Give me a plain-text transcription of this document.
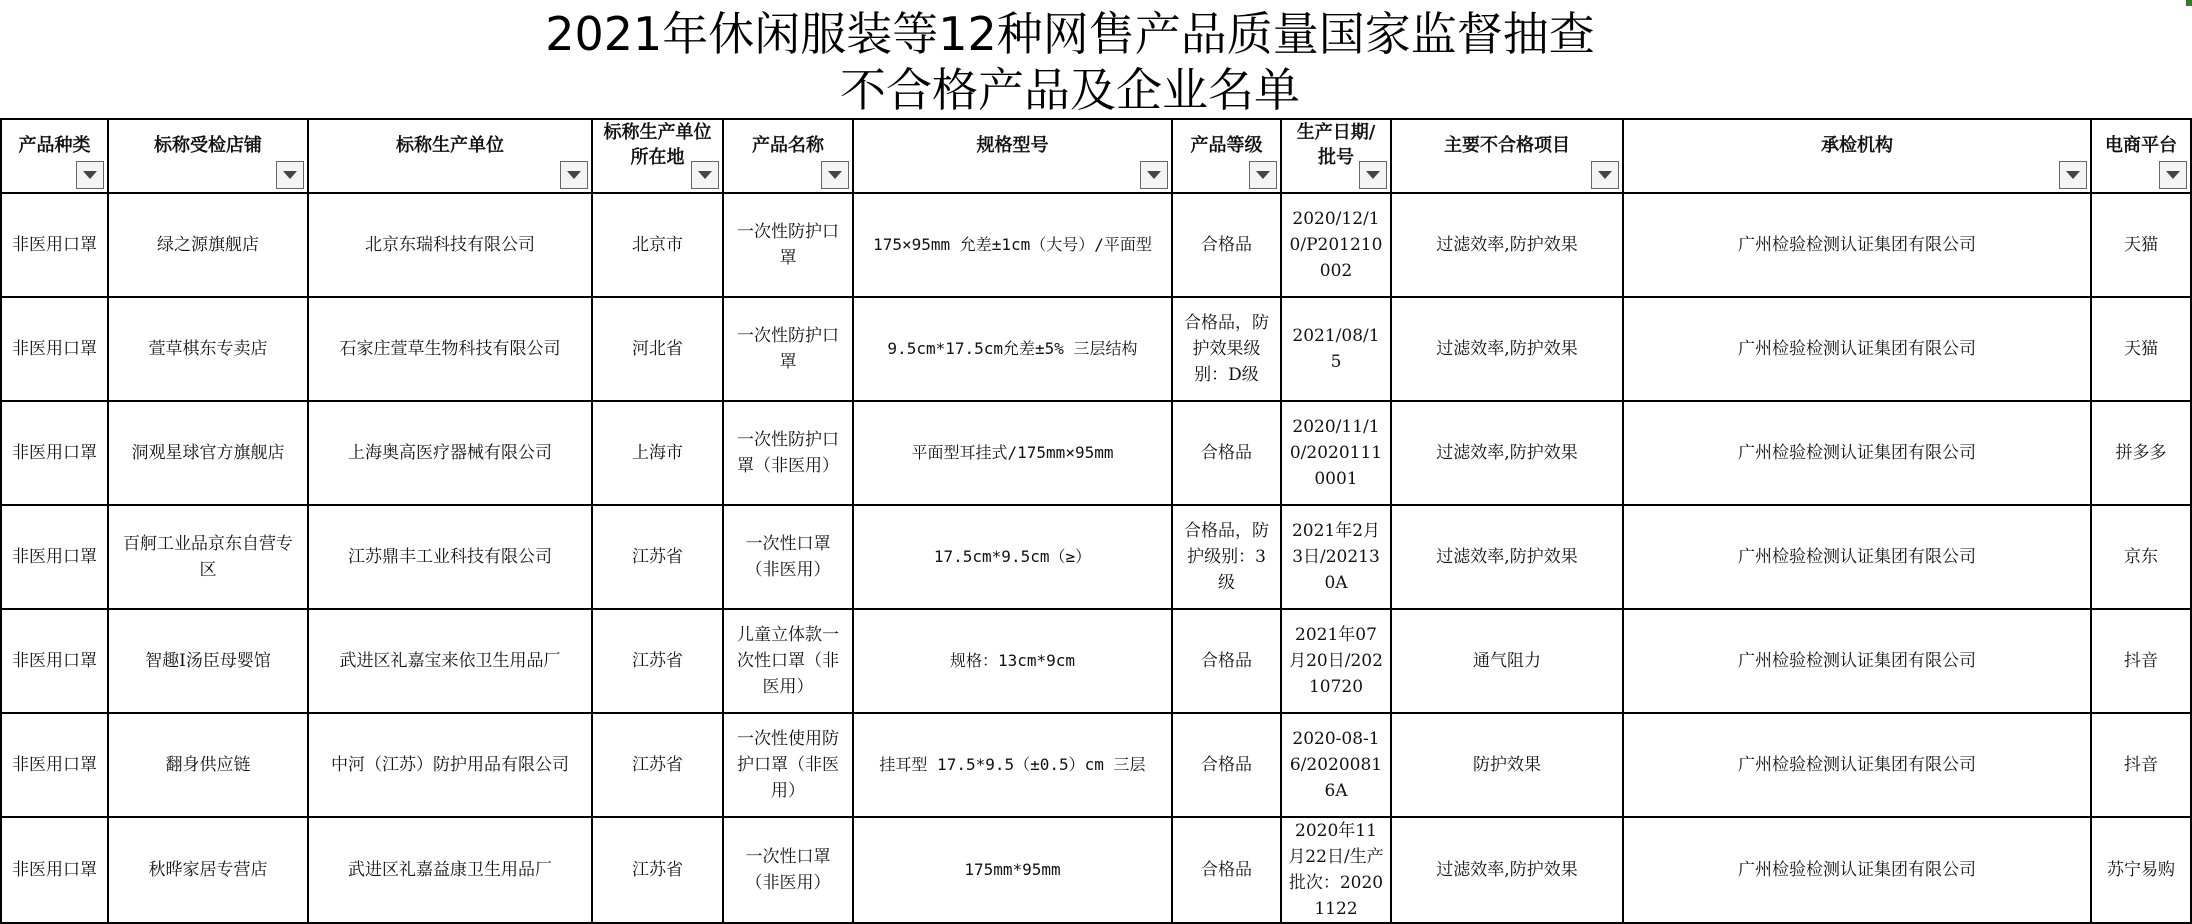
2021年休闲服装等12种网售产品质量国家监督抽查
不合格产品及企业名单
产品种类	标称受检店铺	标称生产单位	标称生产单位所在地	产品名称	规格型号	产品等级	生产日期/批号	主要不合格项目	承检机构	电商平台

非医用口罩	绿之源旗舰店	北京东瑞科技有限公司	北京市	一次性防护口罩	175×95mm 允差±1cm（大号）/平面型	合格品	2020/12/10/P201210002	过滤效率,防护效果	广州检验检测认证集团有限公司	天猫

非医用口罩	萱草棋东专卖店	石家庄萱草生物科技有限公司	河北省	一次性防护口罩	9.5cm*17.5cm允差±5% 三层结构	合格品，防护效果级别：D级	2021/08/15	过滤效率,防护效果	广州检验检测认证集团有限公司	天猫

非医用口罩	洞观星球官方旗舰店	上海奥高医疗器械有限公司	上海市	一次性防护口罩（非医用）	平面型耳挂式/175mm×95mm	合格品	2020/11/10/20201110001	过滤效率,防护效果	广州检验检测认证集团有限公司	拼多多

非医用口罩	百舸工业品京东自营专区	江苏鼎丰工业科技有限公司	江苏省	一次性口罩（非医用）	17.5cm*9.5cm（≥）	合格品，防护级别：3级	2021年2月3日/202130A	过滤效率,防护效果	广州检验检测认证集团有限公司	京东

非医用口罩	智趣I汤臣母婴馆	武进区礼嘉宝来依卫生用品厂	江苏省	儿童立体款一次性口罩（非医用）	规格：13cm*9cm	合格品	2021年07月20日/20210720	通气阻力	广州检验检测认证集团有限公司	抖音

非医用口罩	翻身供应链	中河（江苏）防护用品有限公司	江苏省	一次性使用防护口罩（非医用）	挂耳型 17.5*9.5（±0.5）cm 三层	合格品	2020-08-16/20200816A	防护效果	广州检验检测认证集团有限公司	抖音

非医用口罩	秋晔家居专营店	武进区礼嘉益康卫生用品厂	江苏省	一次性口罩（非医用）	175mm*95mm	合格品	2020年11月22日/生产批次：20201122	过滤效率,防护效果	广州检验检测认证集团有限公司	苏宁易购
